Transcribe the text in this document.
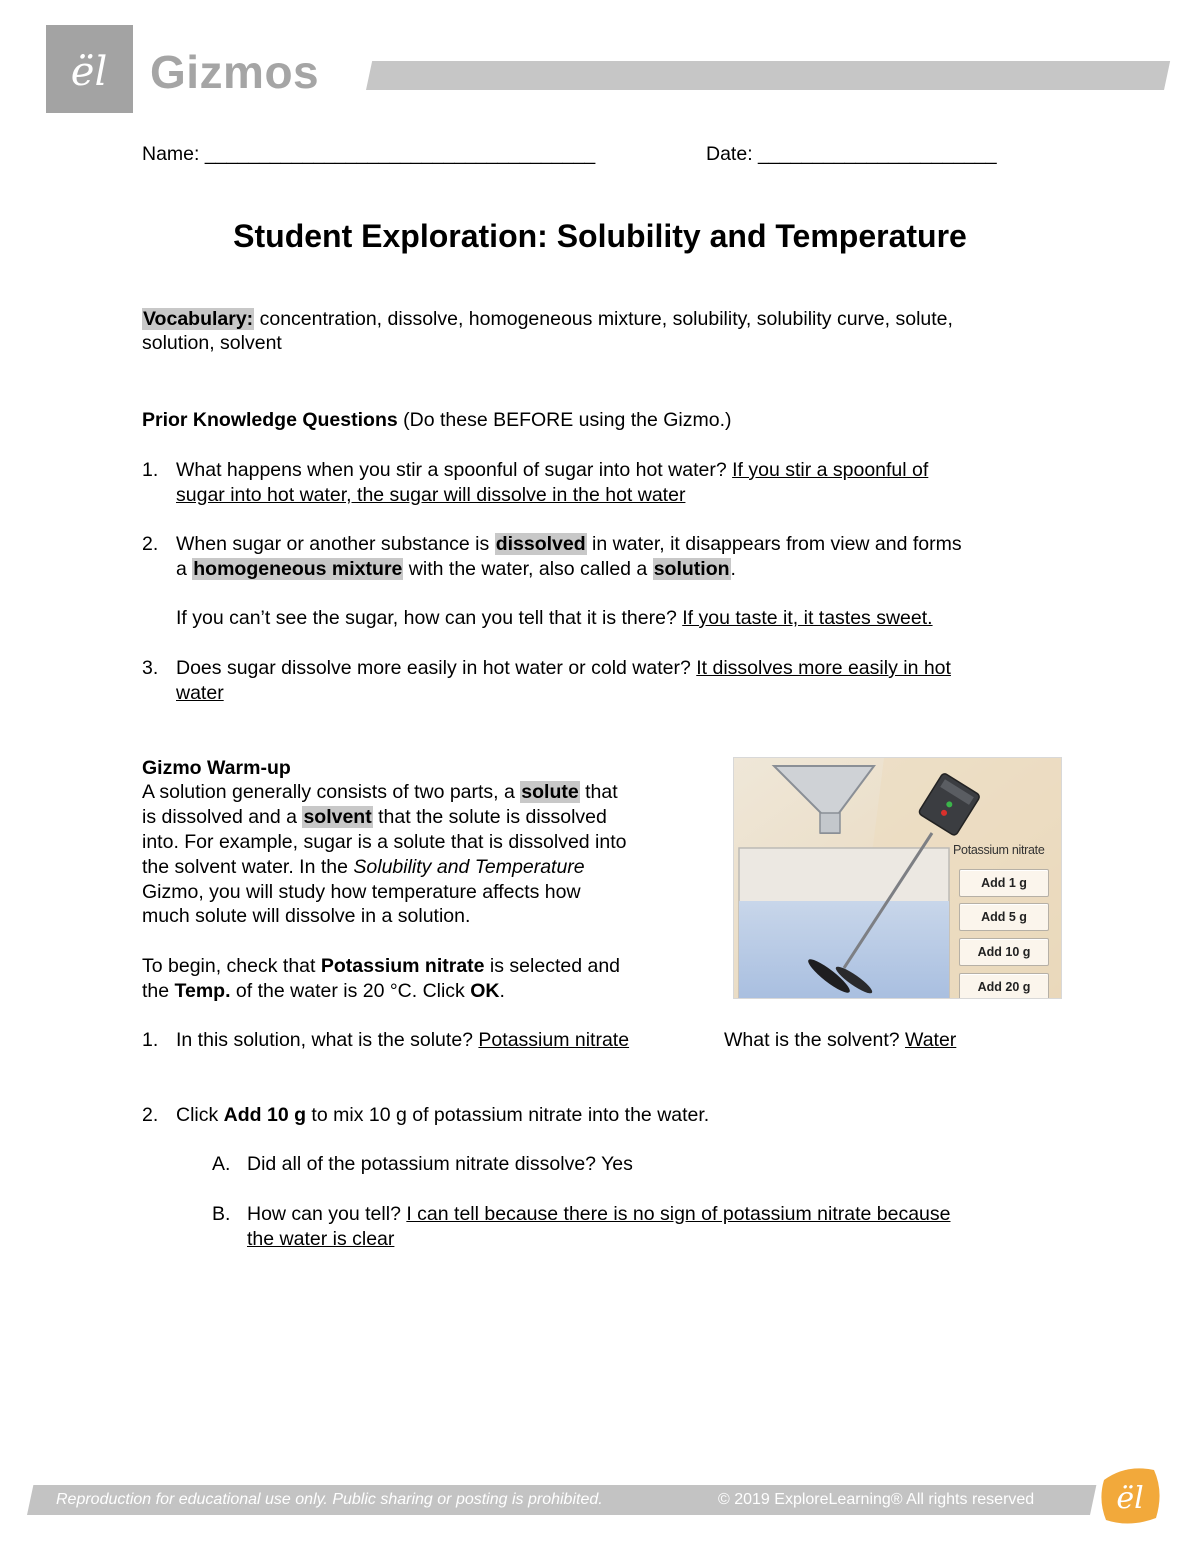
ël Gizmos
Name: ____________________________________	Date: ______________________
Student Exploration: Solubility and Temperature
Vocabulary: concentration, dissolve, homogeneous mixture, solubility, solubility curve, solute,
solution, solvent
Prior Knowledge Questions (Do these BEFORE using the Gizmo.)
1. What happens when you stir a spoonful of sugar into hot water? If you stir a spoonful of
sugar into hot water, the sugar will dissolve in the hot water
2. When sugar or another substance is dissolved in water, it disappears from view and forms
a homogeneous mixture with the water, also called a solution.
If you can’t see the sugar, how can you tell that it is there? If you taste it, it tastes sweet.
3. Does sugar dissolve more easily in hot water or cold water? It dissolves more easily in hot
water
Gizmo Warm-up
A solution generally consists of two parts, a solute that
is dissolved and a solvent that the solute is dissolved
into. For example, sugar is a solute that is dissolved into
the solvent water. In the Solubility and Temperature
Gizmo, you will study how temperature affects how
much solute will dissolve in a solution.
To begin, check that Potassium nitrate is selected and
the Temp. of the water is 20 °C. Click OK.
Potassium nitrate
Add 1 g
Add 5 g
Add 10 g
Add 20 g
1. In this solution, what is the solute? Potassium nitrate	What is the solvent? Water
2. Click Add 10 g to mix 10 g of potassium nitrate into the water.
A. Did all of the potassium nitrate dissolve? Yes
B. How can you tell? I can tell because there is no sign of potassium nitrate because
the water is clear
Reproduction for educational use only. Public sharing or posting is prohibited.	© 2019 ExploreLearning® All rights reserved	ël
